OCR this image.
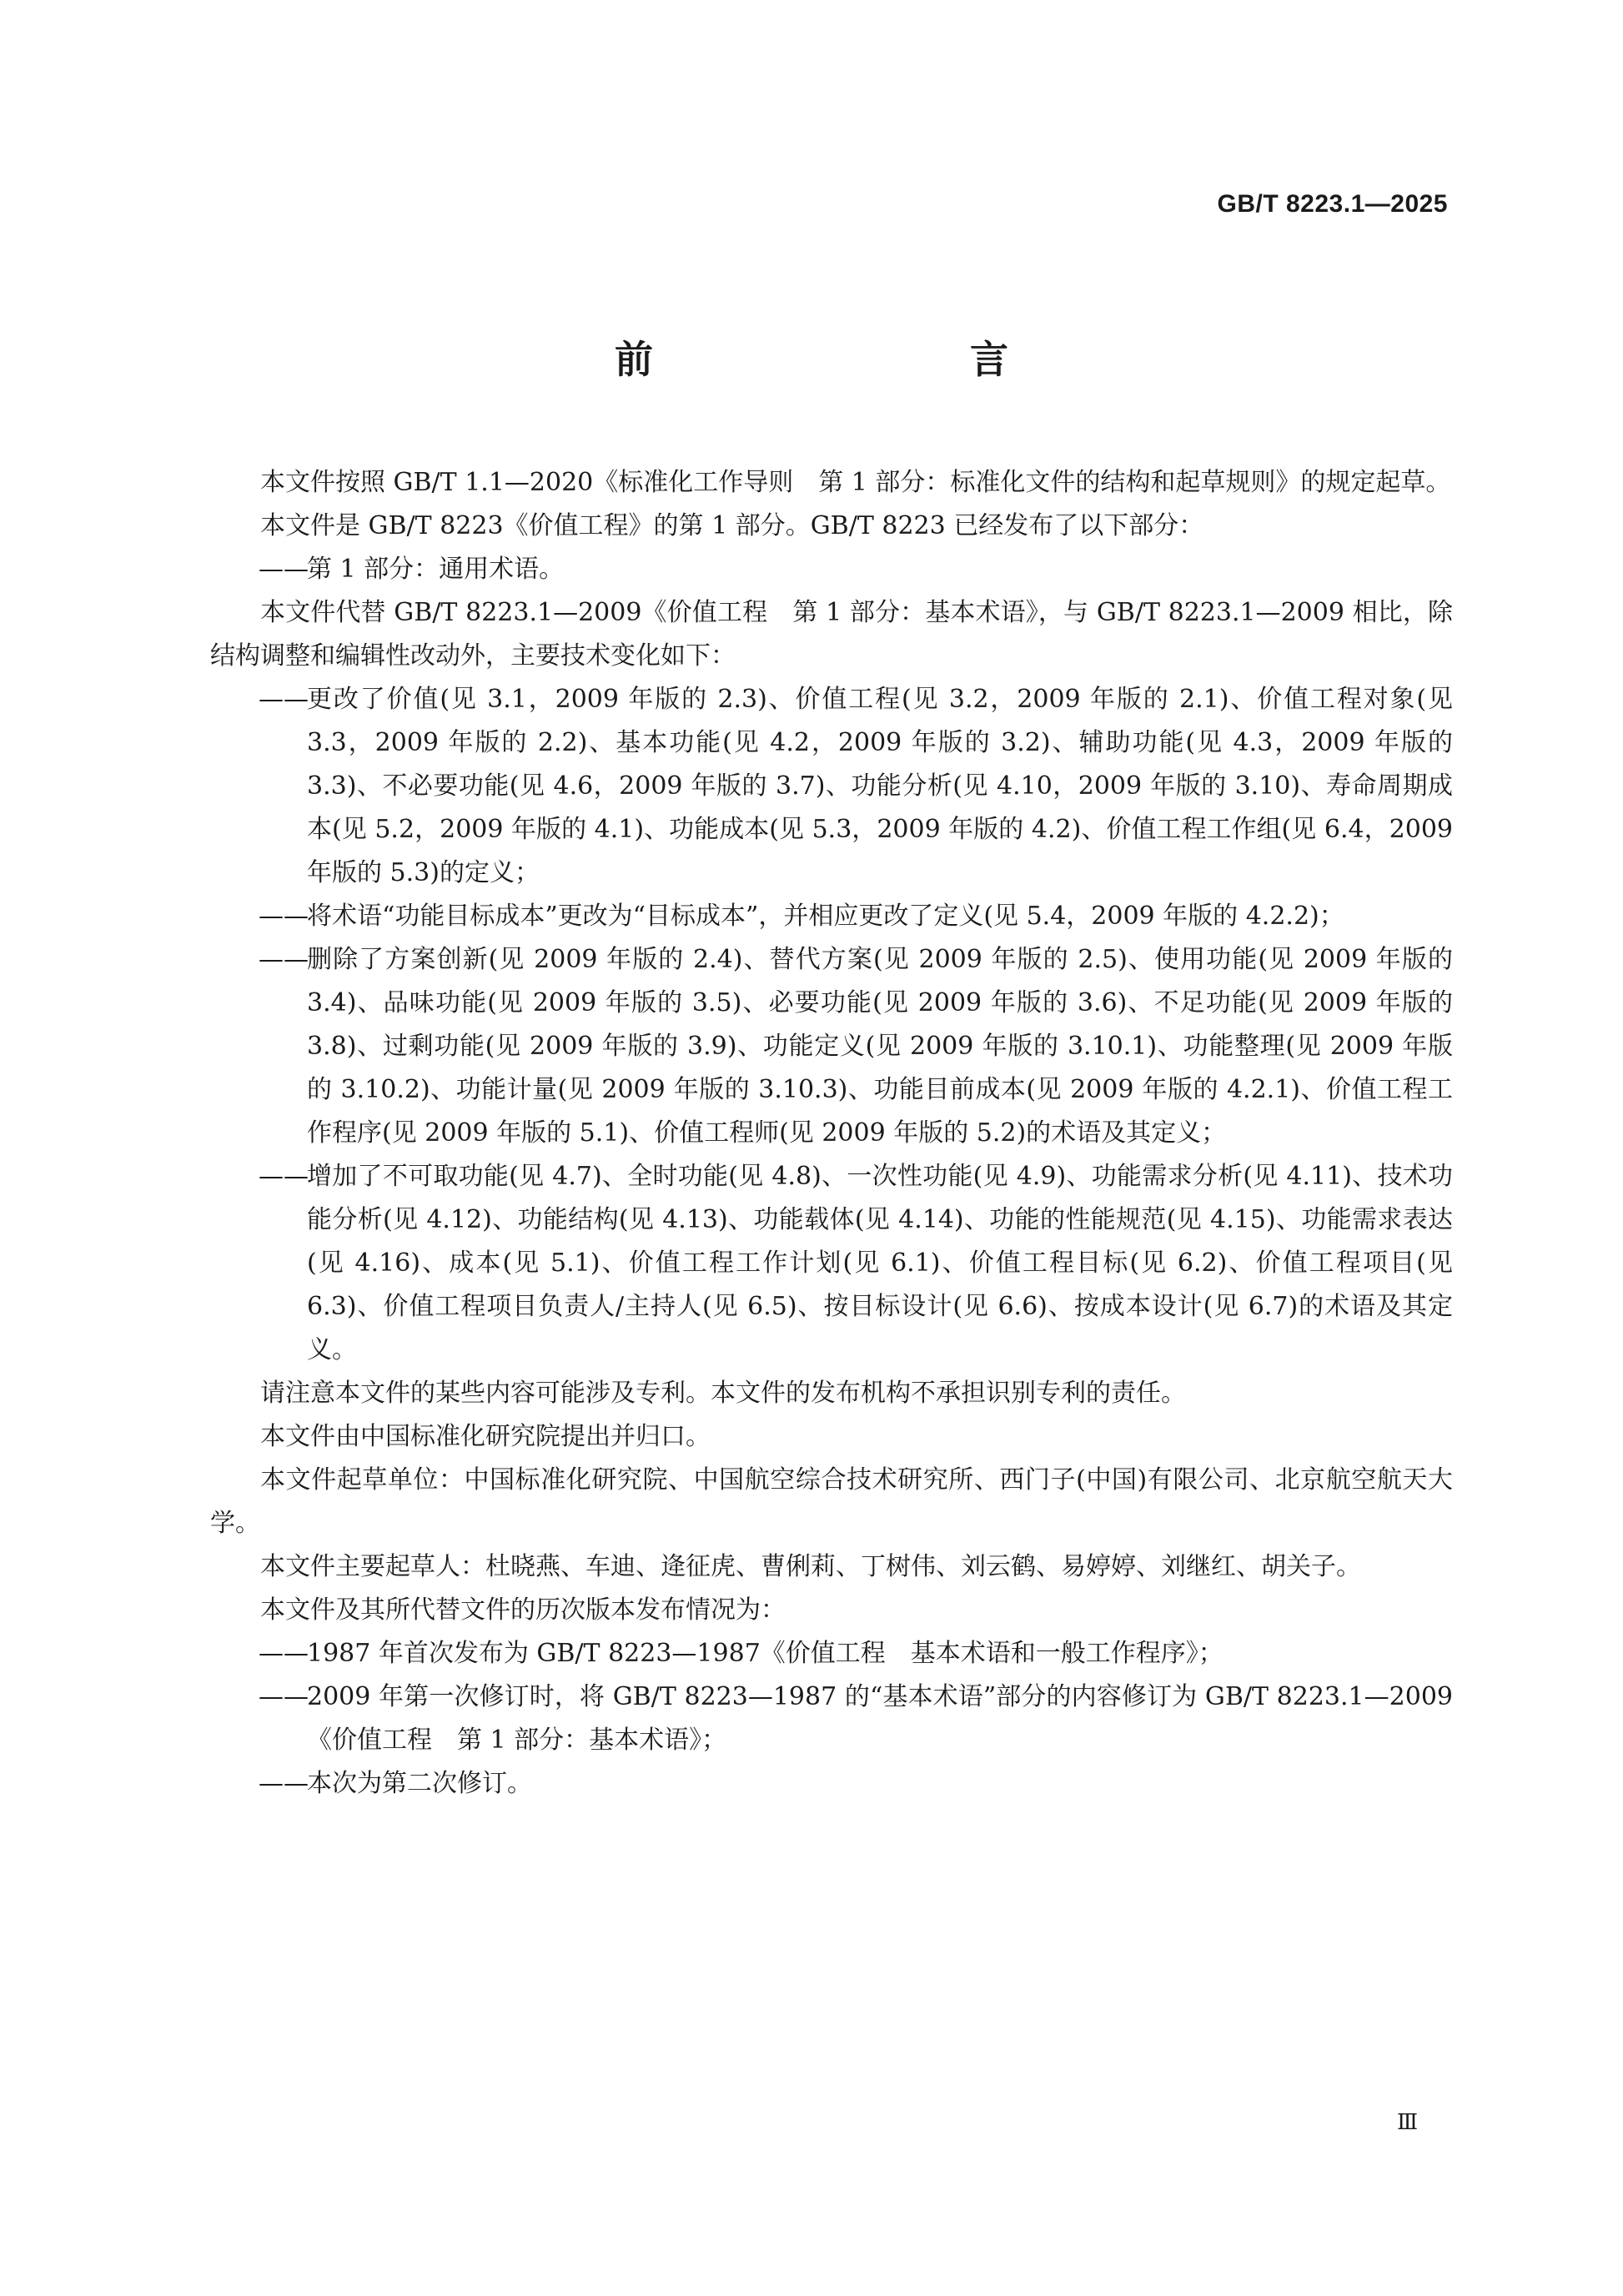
GB/T 8223.1—2025
前　　言

本文件按照 GB/T 1.1—2020《标准化工作导则　第 1 部分：标准化文件的结构和起草规则》的规定起草。

本文件是 GB/T 8223《价值工程》的第 1 部分。GB/T 8223 已经发布了以下部分：

——
第 1 部分：通用术语。

本文件代替 GB/T 8223.1—2009《价值工程　第 1 部分：基本术语》，与 GB/T 8223.1—2009 相比，除结构调整和编辑性改动外，主要技术变化如下：

——
更改了价值(见 3.1，2009 年版的 2.3)、价值工程(见 3.2，2009 年版的 2.1)、价值工程对象(见 3.3，2009 年版的 2.2)、基本功能(见 4.2，2009 年版的 3.2)、辅助功能(见 4.3，2009 年版的3.3)、不必要功能(见 4.6，2009 年版的 3.7)、功能分析(见 4.10，2009 年版的 3.10)、寿命周期成本(见 5.2，2009 年版的 4.1)、功能成本(见 5.3，2009 年版的 4.2)、价值工程工作组(见 6.4，2009 年版的 5.3)的定义；

——
将术语“功能目标成本”更改为“目标成本”，并相应更改了定义(见 5.4，2009 年版的 4.2.2)；

——
删除了方案创新(见 2009 年版的 2.4)、替代方案(见 2009 年版的 2.5)、使用功能(见 2009 年版的 3.4)、品味功能(见 2009 年版的 3.5)、必要功能(见 2009 年版的 3.6)、不足功能(见 2009 年版的 3.8)、过剩功能(见 2009 年版的 3.9)、功能定义(见 2009 年版的 3.10.1)、功能整理(见 2009 年版的 3.10.2)、功能计量(见 2009 年版的 3.10.3)、功能目前成本(见 2009 年版的 4.2.1)、价值工程工作程序(见 2009 年版的 5.1)、价值工程师(见 2009 年版的 5.2)的术语及其定义；

——
增加了不可取功能(见 4.7)、全时功能(见 4.8)、一次性功能(见 4.9)、功能需求分析(见 4.11)、技术功能分析(见 4.12)、功能结构(见 4.13)、功能载体(见 4.14)、功能的性能规范(见 4.15)、功能需求表达(见 4.16)、成本(见 5.1)、价值工程工作计划(见 6.1)、价值工程目标(见 6.2)、价值工程项目(见 6.3)、价值工程项目负责人/主持人(见 6.5)、按目标设计(见 6.6)、按成本设计(见 6.7)的术语及其定义。

请注意本文件的某些内容可能涉及专利。本文件的发布机构不承担识别专利的责任。

本文件由中国标准化研究院提出并归口。

本文件起草单位：中国标准化研究院、中国航空综合技术研究所、西门子(中国)有限公司、北京航空航天大学。

本文件主要起草人：杜晓燕、车迪、逄征虎、曹俐莉、丁树伟、刘云鹤、易婷婷、刘继红、胡关子。

本文件及其所代替文件的历次版本发布情况为：

——
1987 年首次发布为 GB/T 8223—1987《价值工程　基本术语和一般工作程序》；

——
2009 年第一次修订时，将 GB/T 8223—1987 的“基本术语”部分的内容修订为 GB/T 8223.1—2009《价值工程　第 1 部分：基本术语》；

——
本次为第二次修订。

Ⅲ
